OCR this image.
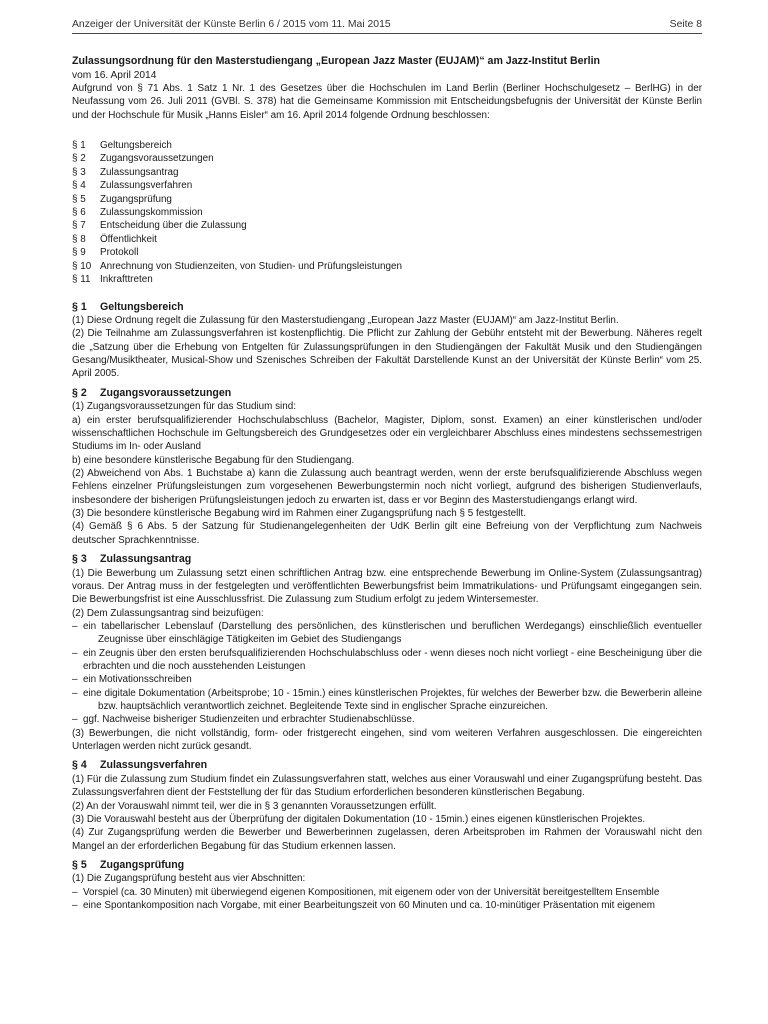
Anzeiger der Universität der Künste Berlin 6 / 2015 vom 11. Mai 2015	Seite 8
Zulassungsordnung für den Masterstudiengang „European Jazz Master (EUJAM)“ am Jazz-Institut Berlin
vom 16. April 2014

Aufgrund von § 71 Abs. 1 Satz 1 Nr. 1 des Gesetzes über die Hochschulen im Land Berlin (Berliner Hochschulgesetz – BerlHG) in der Neufassung vom 26. Juli 2011 (GVBl. S. 378) hat die Gemeinsame Kommission mit Entscheidungsbefugnis der Universität der Künste Berlin und der Hochschule für Musik „Hanns Eisler“ am 16. April 2014 folgende Ordnung beschlossen:

§ 1	Geltungsbereich
§ 2	Zugangsvoraussetzungen
§ 3	Zulassungsantrag
§ 4	Zulassungsverfahren
§ 5	Zugangsprüfung
§ 6	Zulassungskommission
§ 7	Entscheidung über die Zulassung
§ 8	Öffentlichkeit
§ 9	Protokoll
§ 10 Anrechnung von Studienzeiten, von Studien- und Prüfungsleistungen
§ 11 Inkrafttreten
§ 1	Geltungsbereich

(1) Diese Ordnung regelt die Zulassung für den Masterstudiengang „European Jazz Master (EUJAM)“ am Jazz-Institut Berlin.

(2) Die Teilnahme am Zulassungsverfahren ist kostenpflichtig. Die Pflicht zur Zahlung der Gebühr entsteht mit der Bewerbung. Näheres regelt die „Satzung über die Erhebung von Entgelten für Zulassungsprüfungen in den Studiengängen der Fakultät Musik und den Studiengängen Gesang/Musiktheater, Musical-Show und Szenisches Schreiben der Fakultät Darstellende Kunst an der Universität der Künste Berlin“ vom 25. April 2005.

§ 2	Zugangsvoraussetzungen

(1) Zugangsvoraussetzungen für das Studium sind:

a) ein erster berufsqualifizierender Hochschulabschluss (Bachelor, Magister, Diplom, sonst. Examen) an einer künstlerischen und/oder wissenschaftlichen Hochschule im Geltungsbereich des Grundgesetzes oder ein vergleichbarer Abschluss eines mindestens sechssemestrigen Studiums im In- oder Ausland

b) eine besondere künstlerische Begabung für den Studiengang.

(2) Abweichend von Abs. 1 Buchstabe a) kann die Zulassung auch beantragt werden, wenn der erste berufsqualifizierende Abschluss wegen Fehlens einzelner Prüfungsleistungen zum vorgesehenen Bewerbungstermin noch nicht vorliegt, aufgrund des bisherigen Studienverlaufs, insbesondere der bisherigen Prüfungsleistungen jedoch zu erwarten ist, dass er vor Beginn des Masterstudiengangs erlangt wird.

(3) Die besondere künstlerische Begabung wird im Rahmen einer Zugangsprüfung nach § 5 festgestellt.

(4) Gemäß § 6 Abs. 5 der Satzung für Studienangelegenheiten der UdK Berlin gilt eine Befreiung von der Verpflichtung zum Nachweis deutscher Sprachkenntnisse.

§ 3	Zulassungsantrag

(1) Die Bewerbung um Zulassung setzt einen schriftlichen Antrag bzw. eine entsprechende Bewerbung im Online-System (Zulassungsantrag) voraus. Der Antrag muss in der festgelegten und veröffentlichten Bewerbungsfrist beim Immatrikulations- und Prüfungsamt eingegangen sein. Die Bewerbungsfrist ist eine Ausschlussfrist. Die Zulassung zum Studium erfolgt zu jedem Wintersemester.

(2) Dem Zulassungsantrag sind beizufügen:

– ein tabellarischer Lebenslauf (Darstellung des persönlichen, des künstlerischen und beruflichen Werdegangs) einschließlich eventueller Zeugnisse über einschlägige Tätigkeiten im Gebiet des Studiengangs
– ein Zeugnis über den ersten berufsqualifizierenden Hochschulabschluss oder - wenn dieses noch nicht vorliegt - eine Bescheinigung über die erbrachten und die noch ausstehenden Leistungen
– ein Motivationsschreiben
– eine digitale Dokumentation (Arbeitsprobe; 10 - 15min.) eines künstlerischen Projektes, für welches der Bewerber bzw. die Bewerberin alleine bzw. hauptsächlich verantwortlich zeichnet. Begleitende Texte sind in englischer Sprache einzureichen.
– ggf. Nachweise bisheriger Studienzeiten und erbrachter Studienabschlüsse.

(3) Bewerbungen, die nicht vollständig, form- oder fristgerecht eingehen, sind vom weiteren Verfahren ausgeschlossen. Die eingereichten Unterlagen werden nicht zurück gesandt.

§ 4	Zulassungsverfahren

(1) Für die Zulassung zum Studium findet ein Zulassungsverfahren statt, welches aus einer Vorauswahl und einer Zugangsprüfung besteht. Das Zulassungsverfahren dient der Feststellung der für das Studium erforderlichen besonderen künstlerischen Begabung.

(2) An der Vorauswahl nimmt teil, wer die in § 3 genannten Voraussetzungen erfüllt.

(3) Die Vorauswahl besteht aus der Überprüfung der digitalen Dokumentation (10 - 15min.) eines eigenen künstlerischen Projektes.

(4) Zur Zugangsprüfung werden die Bewerber und Bewerberinnen zugelassen, deren Arbeitsproben im Rahmen der Vorauswahl nicht den Mangel an der erforderlichen Begabung für das Studium erkennen lassen.

§ 5	Zugangsprüfung

(1) Die Zugangsprüfung besteht aus vier Abschnitten:

– Vorspiel (ca. 30 Minuten) mit überwiegend eigenen Kompositionen, mit eigenem oder von der Universität bereitgestelltem Ensemble
– eine Spontankomposition nach Vorgabe, mit einer Bearbeitungszeit von 60 Minuten und ca. 10-minütiger Präsentation mit eigenem
